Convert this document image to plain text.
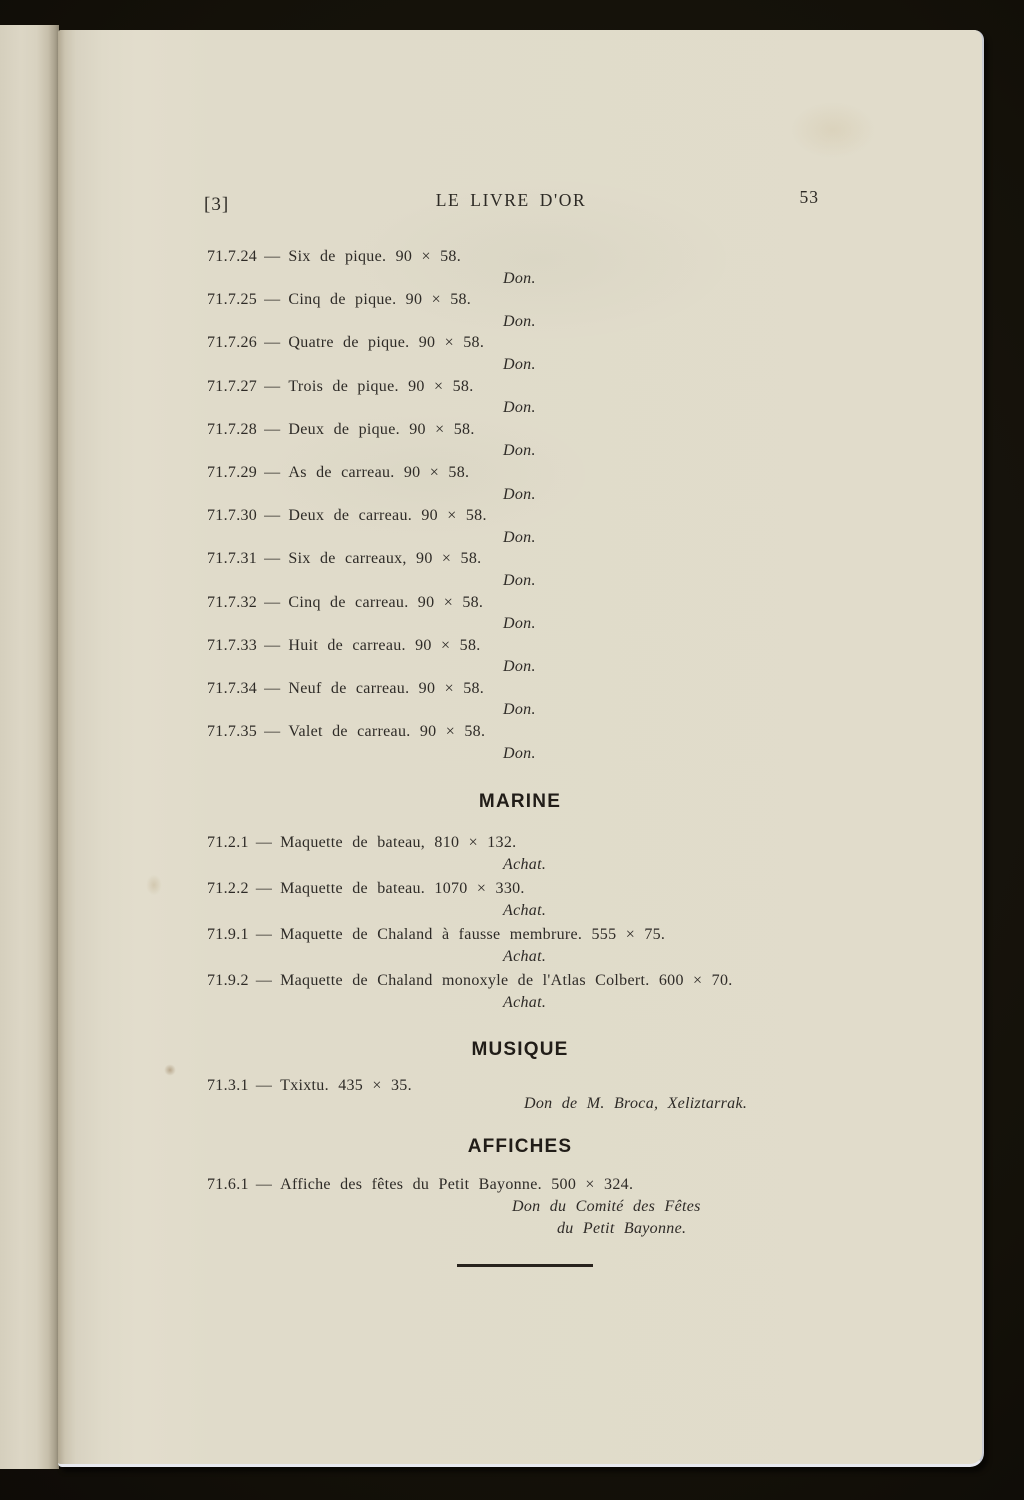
[3]	LE LIVRE D'OR	53
71.7.24 — Six de pique. 90 × 58.
Don.
71.7.25 — Cinq de pique. 90 × 58.
Don.
71.7.26 — Quatre de pique. 90 × 58.
Don.
71.7.27 — Trois de pique. 90 × 58.
Don.
71.7.28 — Deux de pique. 90 × 58.
Don.
71.7.29 — As de carreau. 90 × 58.
Don.
71.7.30 — Deux de carreau. 90 × 58.
Don.
71.7.31 — Six de carreaux, 90 × 58.
Don.
71.7.32 — Cinq de carreau. 90 × 58.
Don.
71.7.33 — Huit de carreau. 90 × 58.
Don.
71.7.34 — Neuf de carreau. 90 × 58.
Don.
71.7.35 — Valet de carreau. 90 × 58.
Don.
MARINE
71.2.1 — Maquette de bateau, 810 × 132.
Achat.
71.2.2 — Maquette de bateau. 1070 × 330.
Achat.
71.9.1 — Maquette de Chaland à fausse membrure. 555 × 75.
Achat.
71.9.2 — Maquette de Chaland monoxyle de l'Atlas Colbert. 600 × 70.
Achat.
MUSIQUE
71.3.1 — Txixtu. 435 × 35.
Don de M. Broca, Xeliztarrak.
AFFICHES
71.6.1 — Affiche des fêtes du Petit Bayonne. 500 × 324.
Don du Comité des Fêtes
du Petit Bayonne.
